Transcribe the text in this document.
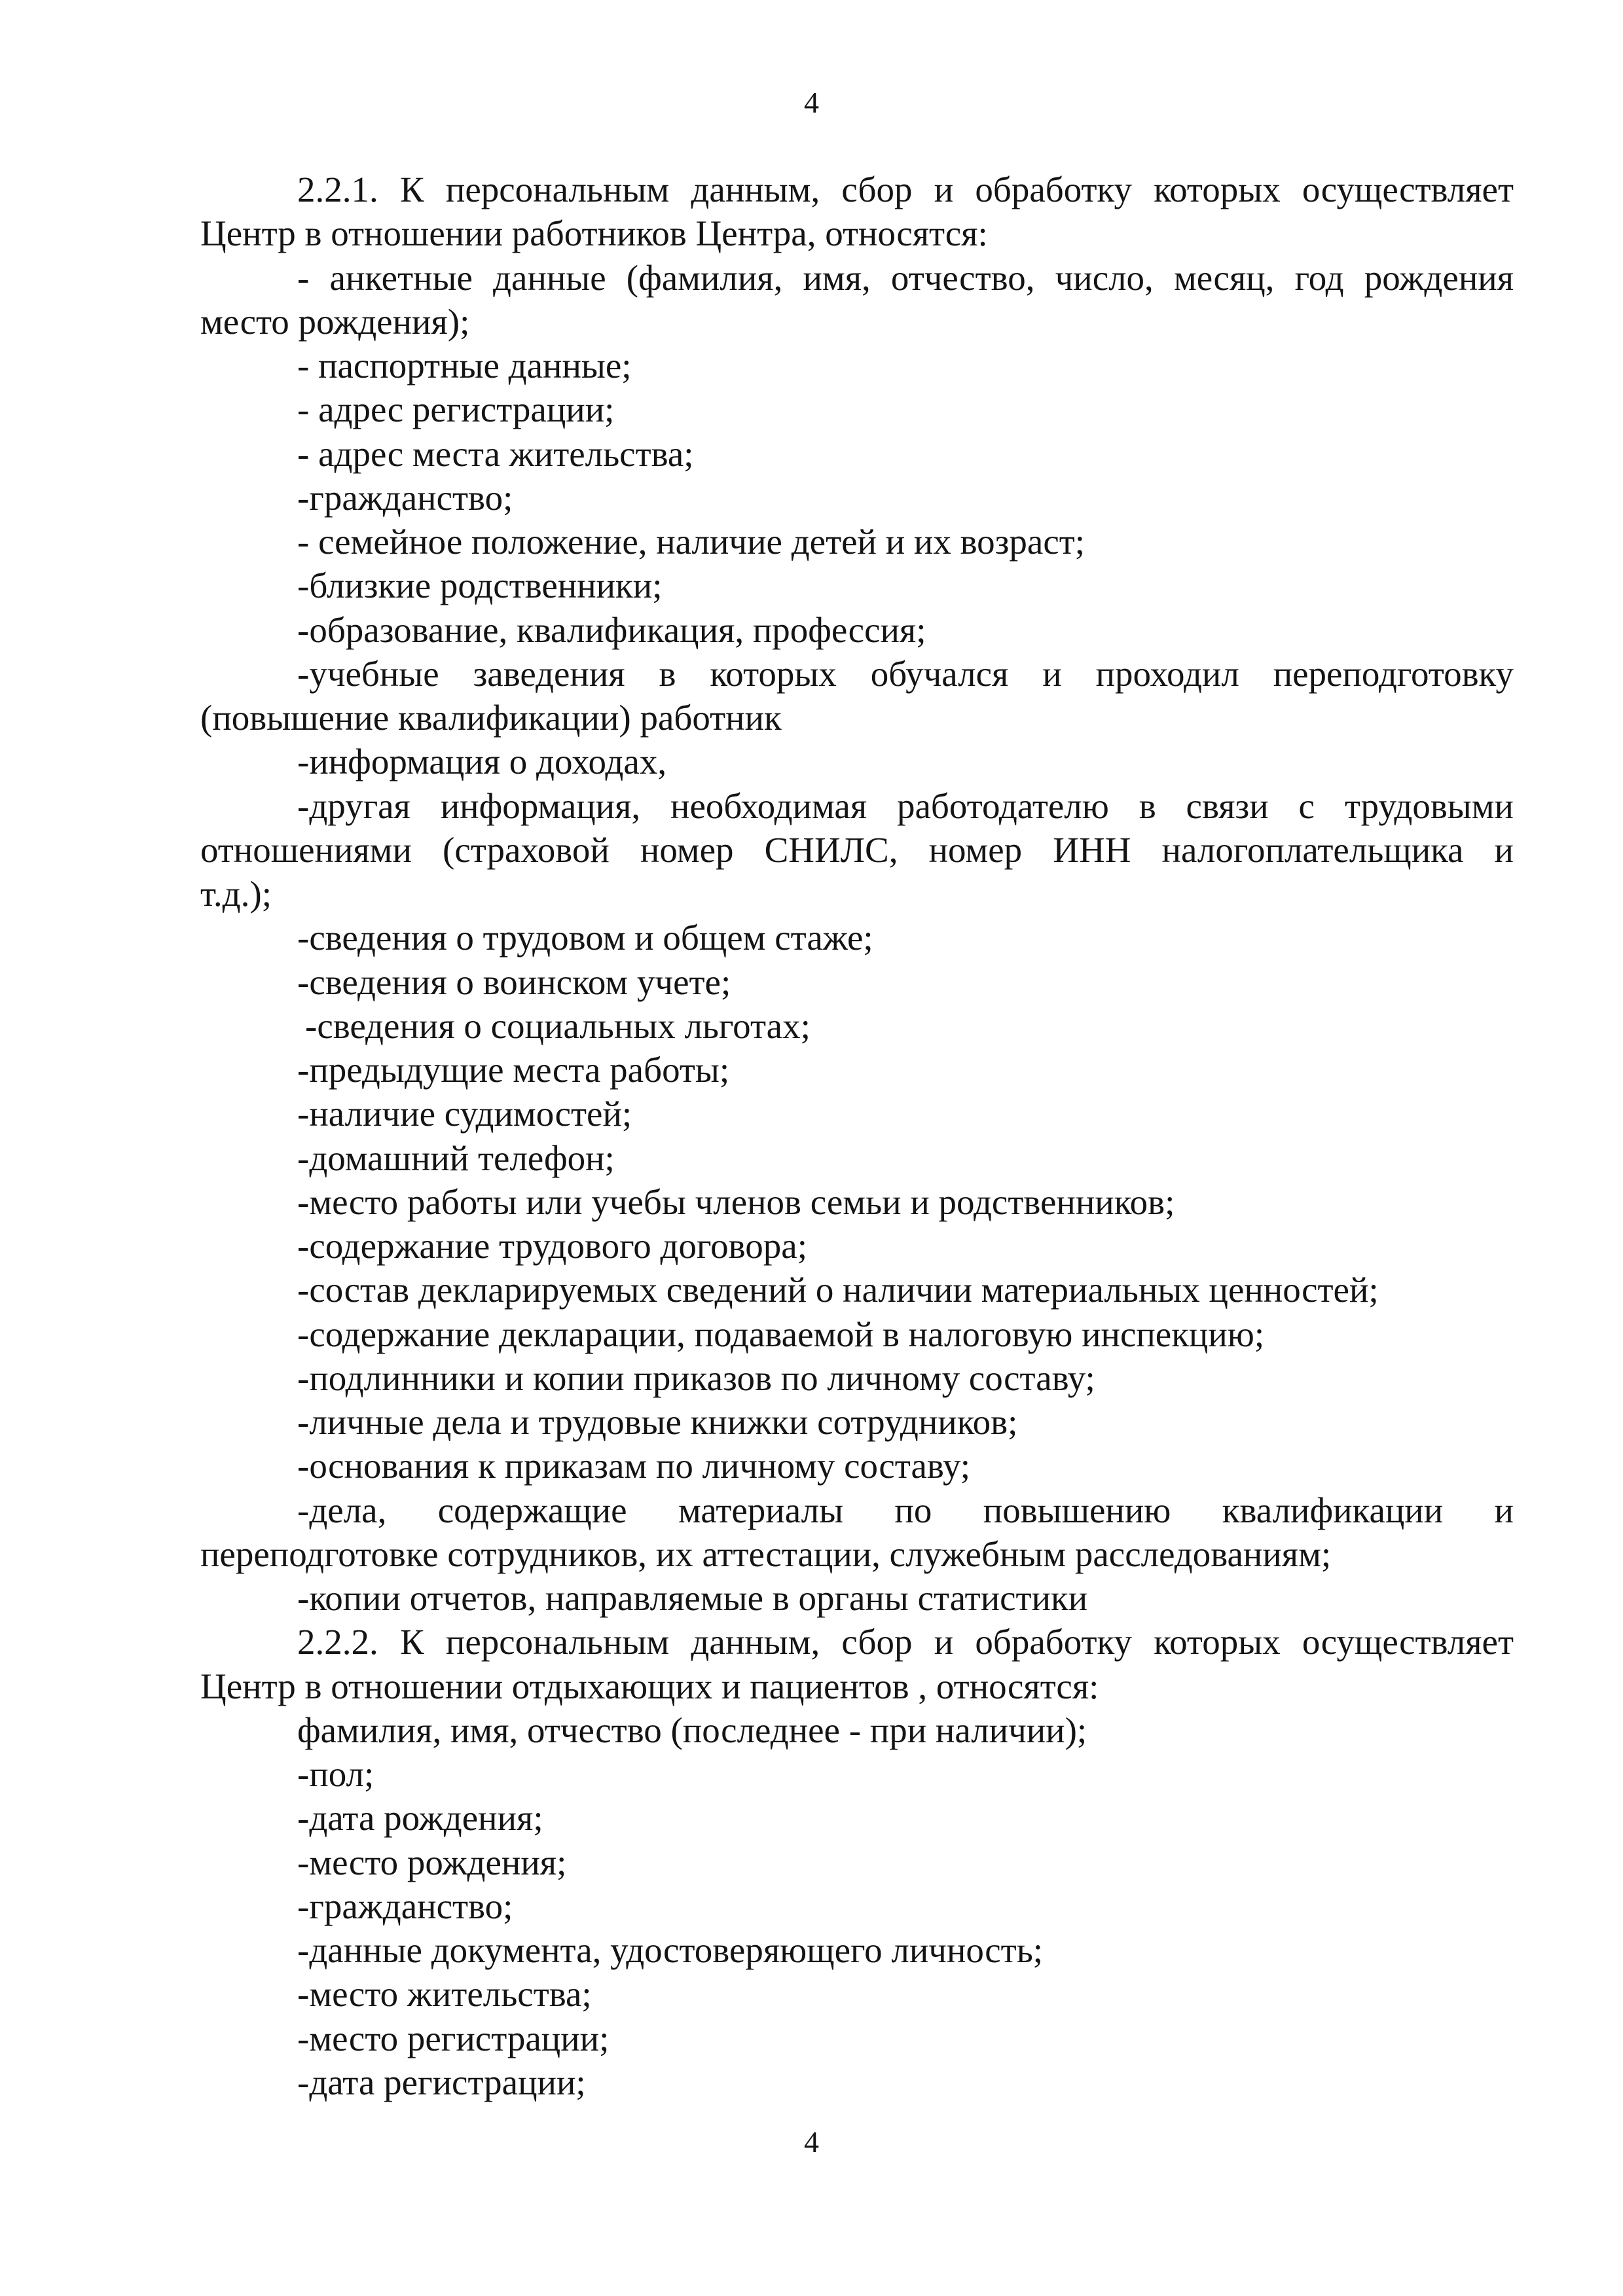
4
2.2.1. К персональным данным, сбор и обработку которых осуществляет
Центр в отношении работников Центра, относятся:
- анкетные данные (фамилия, имя, отчество, число, месяц, год рождения
место рождения);
- паспортные данные;
- адрес регистрации;
- адрес места жительства;
-гражданство;
- семейное положение, наличие детей и их возраст;
-близкие родственники;
-образование, квалификация, профессия;
-учебные заведения в которых обучался и проходил переподготовку
(повышение квалификации) работник
-информация о доходах,
-другая информация, необходимая работодателю в связи с трудовыми
отношениями (страховой номер СНИЛС, номер ИНН налогоплательщика и
т.д.);
-сведения о трудовом и общем стаже;
-сведения о воинском учете;
-сведения о социальных льготах;
-предыдущие места работы;
-наличие судимостей;
-домашний телефон;
-место работы или учебы членов семьи и родственников;
-содержание трудового договора;
-состав декларируемых сведений о наличии материальных ценностей;
-содержание декларации, подаваемой в налоговую инспекцию;
-подлинники и копии приказов по личному составу;
-личные дела и трудовые книжки сотрудников;
-основания к приказам по личному составу;
-дела, содержащие материалы по повышению квалификации и
переподготовке сотрудников, их аттестации, служебным расследованиям;
-копии отчетов, направляемые в органы статистики
2.2.2. К персональным данным, сбор и обработку которых осуществляет
Центр в отношении отдыхающих и пациентов , относятся:
фамилия, имя, отчество (последнее - при наличии);
-пол;
-дата рождения;
-место рождения;
-гражданство;
-данные документа, удостоверяющего личность;
-место жительства;
-место регистрации;
-дата регистрации;
4
